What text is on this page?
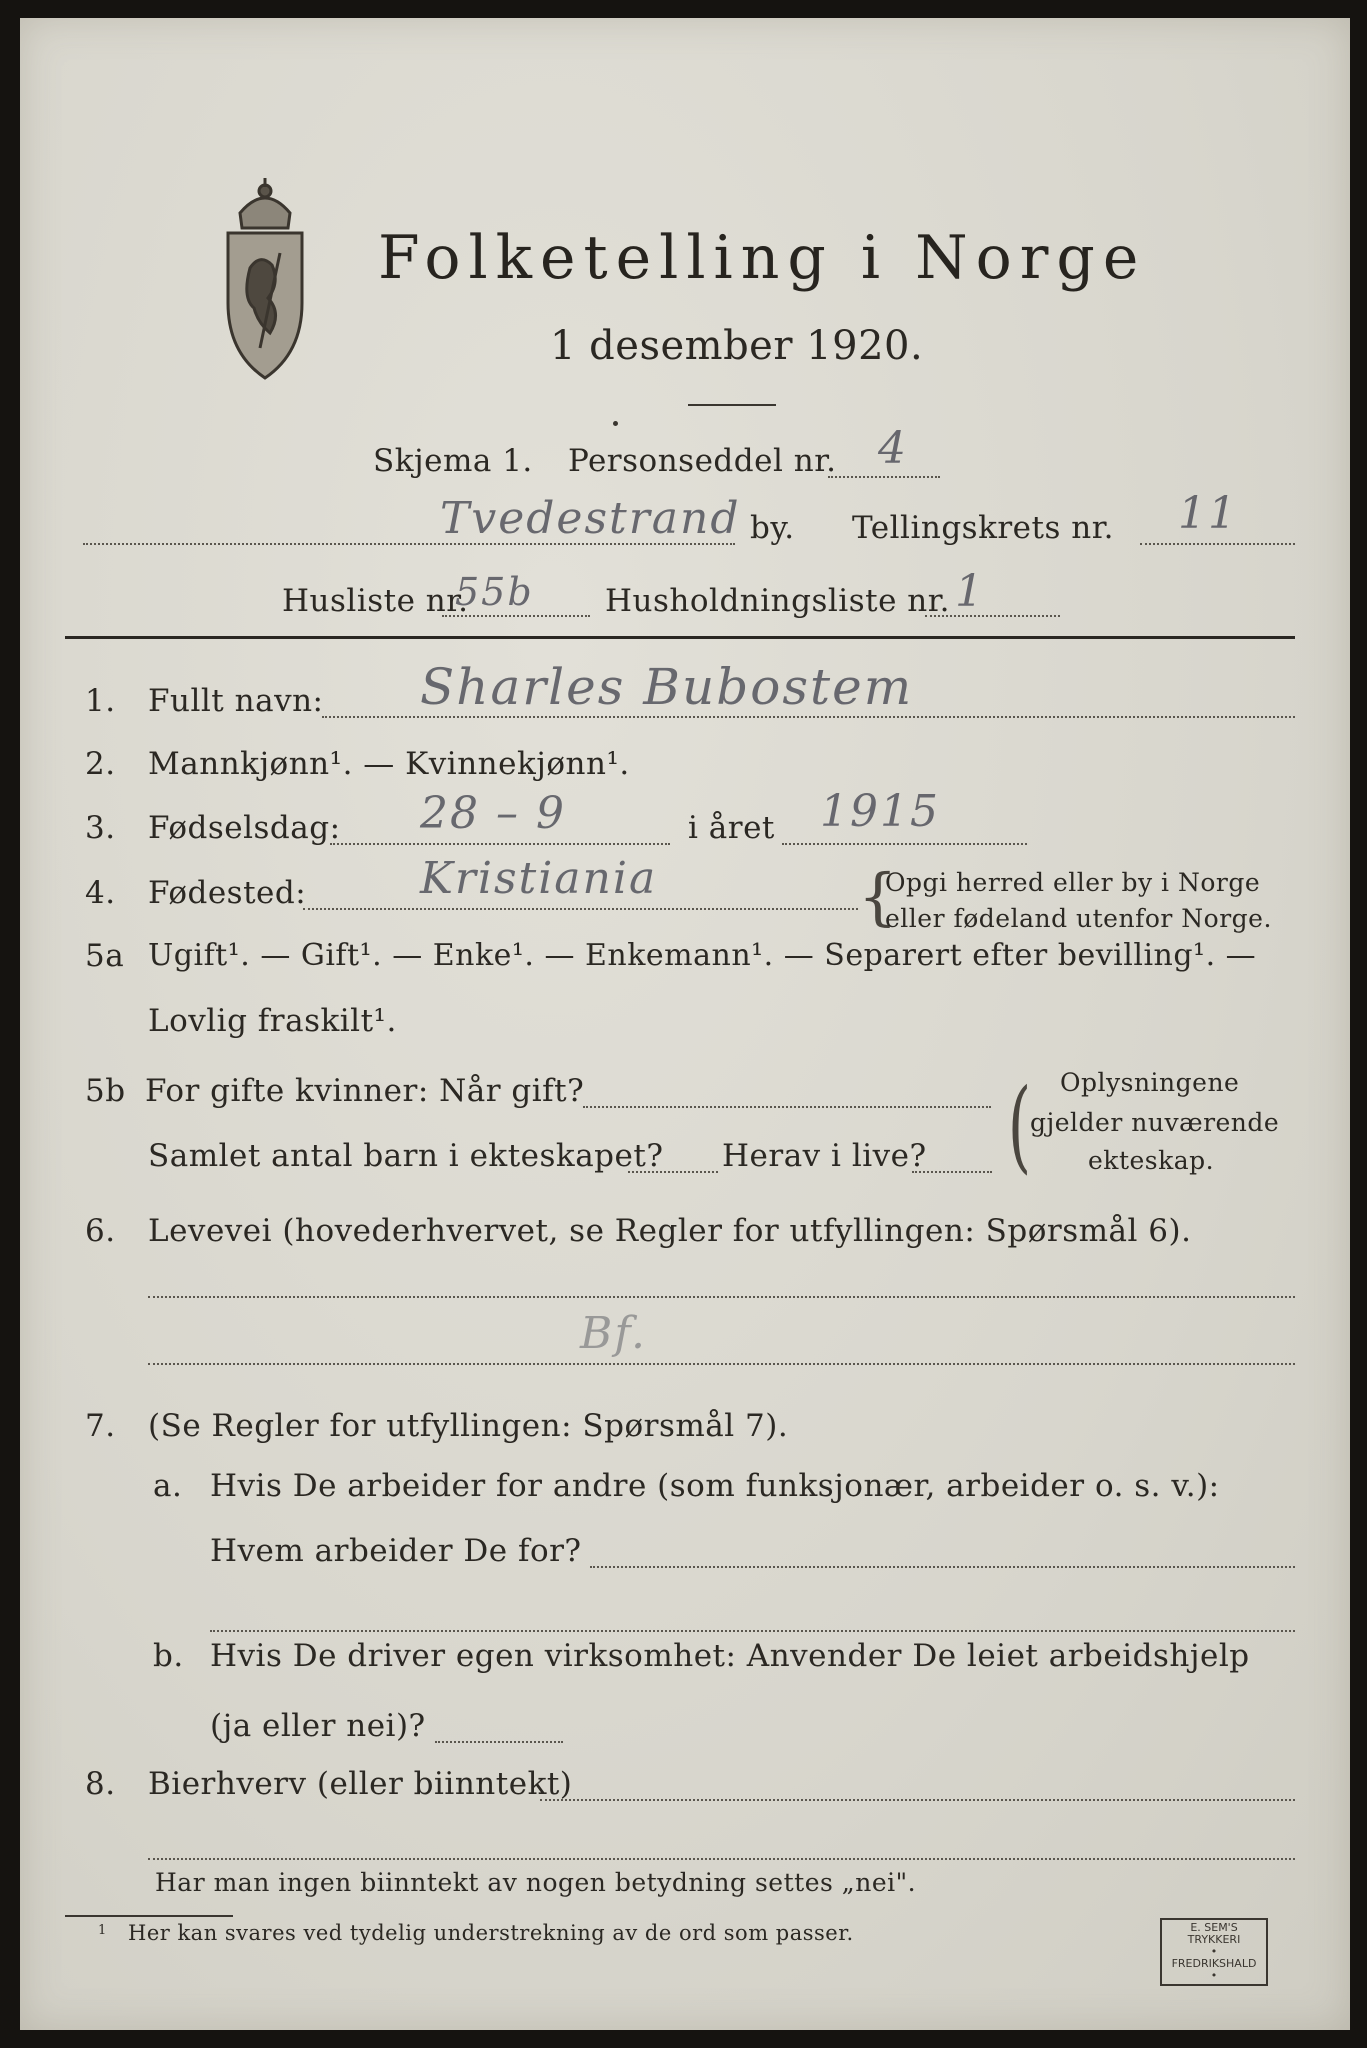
Folketelling i Norge
1 desember 1920.
Skjema 1. Personseddel nr. 4
Tvedestrand by. Tellingskrets nr. 11
Husliste nr.
55b Husholdningsliste nr. 1
1. Fullt navn: Sharles Bubostem
2. Mannkjønn¹. — Kvinnekjønn¹.
3. Fødselsdag: 28 – 9	i året 1915
4. Fødested:	Kristiania	{
Opgi herred eller by i Norge
eller fødeland utenfor Norge.
5a Ugift¹. — Gift¹. — Enke¹. — Enkemann¹. — Separert efter bevilling¹. —
Lovlig fraskilt¹.
5b For gifte kvinner: Når gift?
Samlet antal barn i ekteskapet? Herav i live? ( Oplysningene
gjelder nuværende
ekteskap.
6. Levevei (hovederhvervet, se Regler for utfyllingen: Spørsmål 6).
Bf.
7. (Se Regler for utfyllingen: Spørsmål 7).
a. Hvis De arbeider for andre (som funksjonær, arbeider o. s. v.):
Hvem arbeider De for?
b. Hvis De driver egen virksomhet: Anvender De leiet arbeidshjelp
(ja eller nei)?
8. Bierhverv (eller biinntekt)
Har man ingen biinntekt av nogen betydning settes „nei".
1 Her kan svares ved tydelig understrekning av de ord som passer.	E. SEM'S TRYKKERI
• FREDRIKSHALD •
